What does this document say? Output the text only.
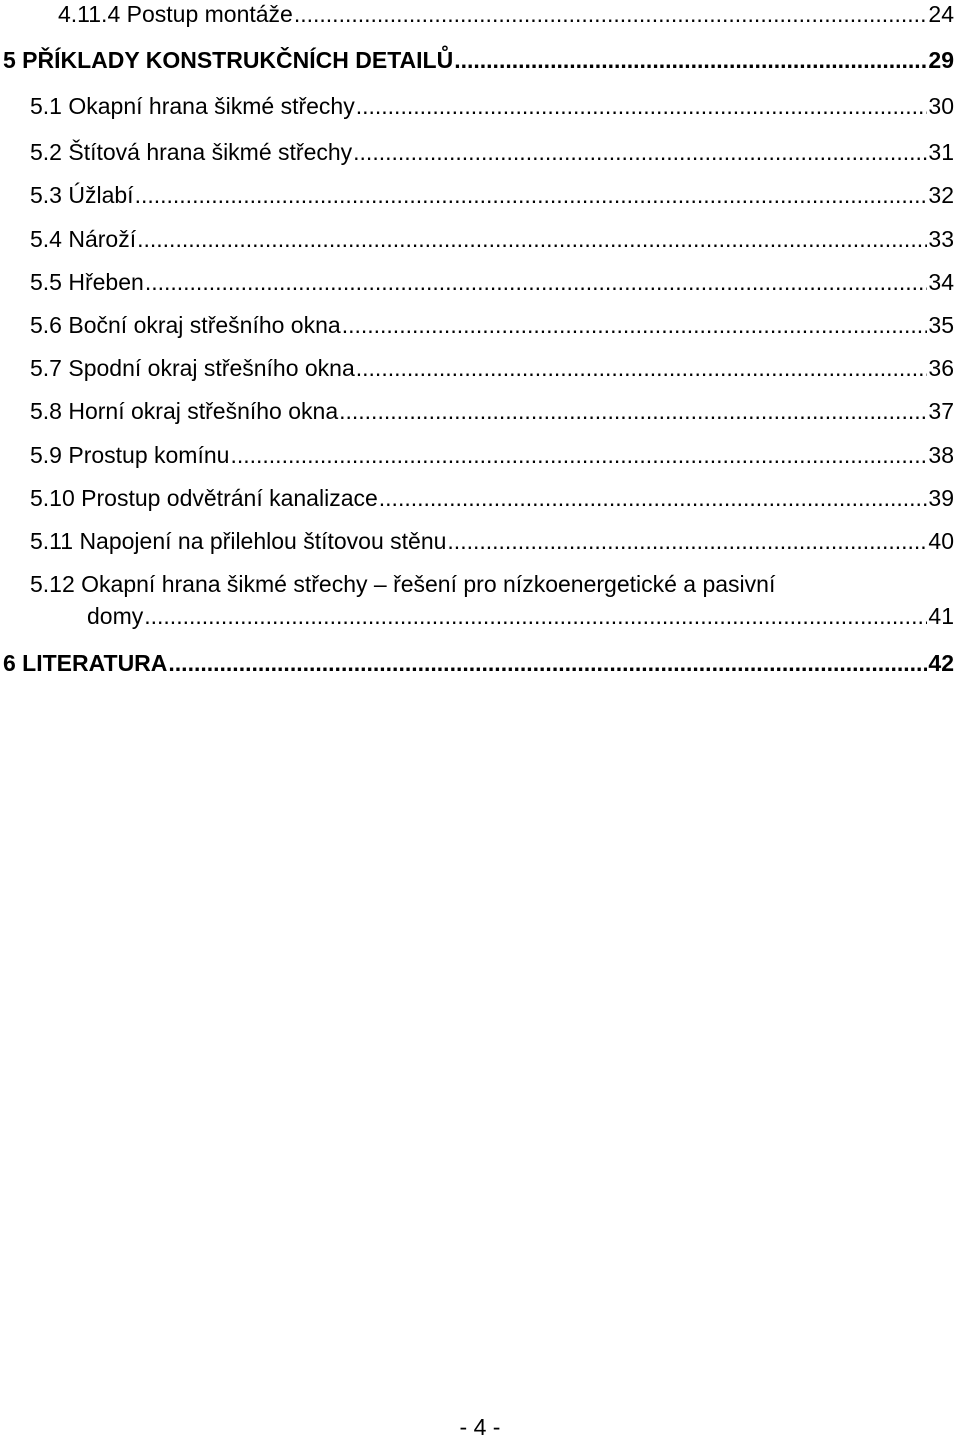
4.11.4 Postup montáže .....	24
5 PŘÍKLADY KONSTRUKČNÍCH DETAILŮ .....	29
5.1 Okapní hrana šikmé střechy .....	30
5.2 Štítová hrana šikmé střechy .....	31
5.3 Úžlabí .....	32
5.4 Nároží .....	33
5.5 Hřeben .....	34
5.6 Boční okraj střešního okna .....	35
5.7 Spodní okraj střešního okna .....	36
5.8 Horní okraj střešního okna .....	37
5.9 Prostup komínu .....	38
5.10 Prostup odvětrání kanalizace .....	39
5.11 Napojení na přilehlou štítovou stěnu .....	40
5.12 Okapní hrana šikmé střechy – řešení pro nízkoenergetické a pasivní
domy .....	41
6 LITERATURA .....	42
- 4 -
